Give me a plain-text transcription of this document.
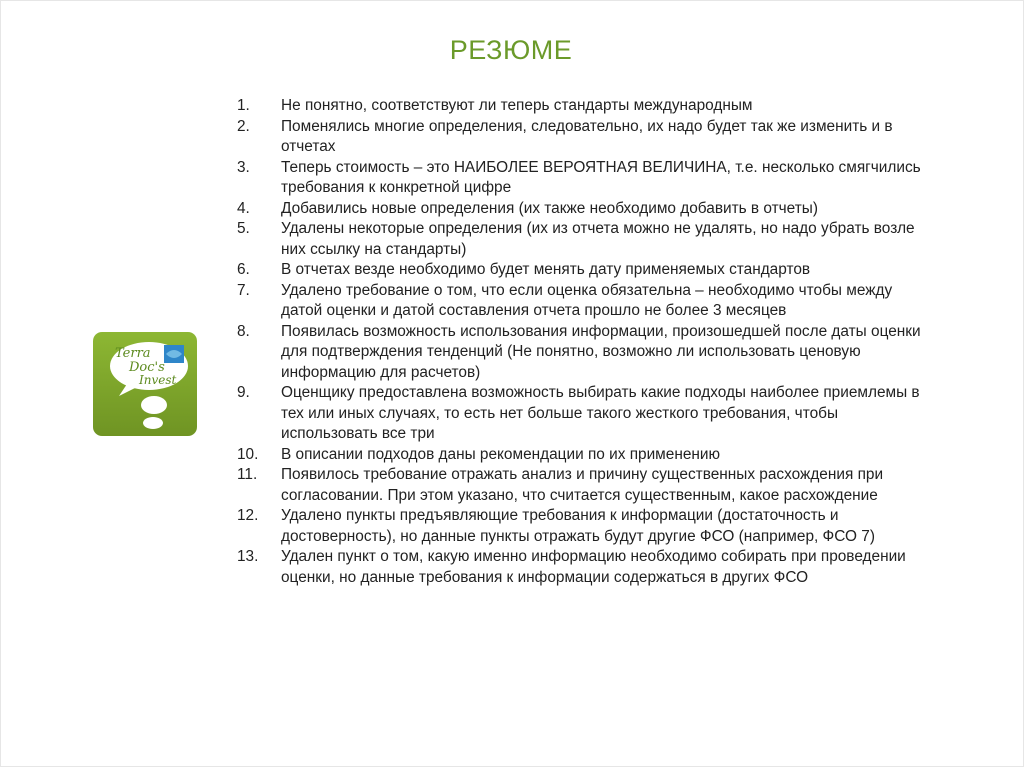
РЕЗЮМЕ
Terra
Doc's
Invest
1.	Не понятно, соответствуют ли теперь стандарты международным
2.	Поменялись многие определения, следовательно, их надо будет так же изменить и в отчетах
3.	Теперь стоимость – это НАИБОЛЕЕ ВЕРОЯТНАЯ ВЕЛИЧИНА, т.е. несколько смягчились требования к конкретной цифре
4.	Добавились новые определения (их также необходимо добавить в отчеты)
5.	Удалены некоторые определения (их из отчета можно не удалять, но надо убрать возле них ссылку на стандарты)
6.	В отчетах везде необходимо будет менять дату применяемых стандартов
7.	Удалено требование о том, что если оценка обязательна – необходимо чтобы между датой оценки и датой составления отчета прошло не более 3 месяцев
8.	Появилась возможность использования информации, произошедшей после даты оценки для подтверждения тенденций (Не понятно, возможно ли использовать ценовую информацию для расчетов)
9.	Оценщику предоставлена возможность выбирать какие подходы наиболее приемлемы в тех или иных случаях, то есть нет больше такого жесткого требования, чтобы использовать все три
10.	В описании подходов даны рекомендации по их применению
11.	Появилось требование отражать анализ и причину существенных расхождения при согласовании. При этом указано, что считается существенным, какое расхождение
12.	Удалено пункты предъявляющие требования к информации (достаточность и достоверность), но данные пункты отражать будут другие ФСО (например, ФСО 7)
13.	Удален пункт о том, какую именно информацию необходимо собирать при проведении оценки, но данные требования к информации содержаться в других ФСО
